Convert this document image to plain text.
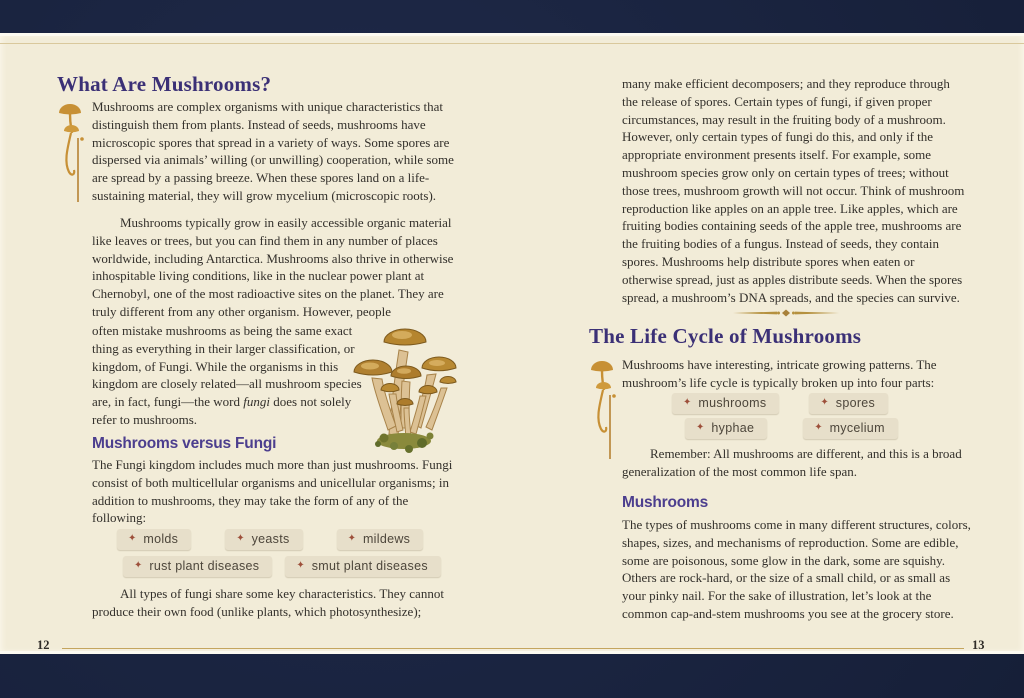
What Are Mushrooms?
Mushrooms are complex organisms with unique characteristics that distinguish them from plants. Instead of seeds, mushrooms have microscopic spores that spread in a variety of ways. Some spores are dispersed via animals’ willing (or unwilling) cooperation, while some are spread by a passing breeze. When these spores land on a life-sustaining material, they will grow mycelium (microscopic roots).
Mushrooms typically grow in easily accessible organic material like leaves or trees, but you can find them in any number of places worldwide, including Antarctica. Mushrooms also thrive in otherwise inhospitable living conditions, like in the nuclear power plant at Chernobyl, one of the most radioactive sites on the planet. They are truly different from any other organism. However, people
often mistake mushrooms as being the same exact thing as everything in their larger classification, or kingdom, of Fungi. While the organisms in this kingdom are closely related—all mushroom species are, in fact, fungi—the word fungi does not solely refer to mushrooms.
Mushrooms versus Fungi
The Fungi kingdom includes much more than just mushrooms. Fungi consist of both multicellular organisms and unicellular organisms; in addition to mushrooms, they may take the form of any of the following:
✦ molds	✦ yeasts	✦ mildews
✦ rust plant diseases	✦ smut plant diseases
All types of fungi share some key characteristics. They cannot produce their own food (unlike plants, which photosynthesize);
12
many make efficient decomposers; and they reproduce through the release of spores. Certain types of fungi, if given proper circumstances, may result in the fruiting body of a mushroom. However, only certain types of fungi do this, and only if the appropriate environment presents itself. For example, some mushroom species grow only on certain types of trees; without those trees, mushroom growth will not occur. Think of mushroom reproduction like apples on an apple tree. Like apples, which are fruiting bodies containing seeds of the apple tree, mushrooms are the fruiting bodies of a fungus. Instead of seeds, they contain spores. Mushrooms help distribute spores when eaten or otherwise spread, just as apples distribute seeds. When the spores spread, a mushroom’s DNA spreads, and the species can survive.
The Life Cycle of Mushrooms
Mushrooms have interesting, intricate growing patterns. The mushroom’s life cycle is typically broken up into four parts:
✦ mushrooms	✦ spores
✦ hyphae	✦ mycelium
Remember: All mushrooms are different, and this is a broad generalization of the most common life span.
Mushrooms
The types of mushrooms come in many different structures, colors, shapes, sizes, and mechanisms of reproduction. Some are edible, some are poisonous, some glow in the dark, some are squishy. Others are rock-hard, or the size of a small child, or as small as your pinky nail. For the sake of illustration, let’s look at the common cap-and-stem mushrooms you see at the grocery store.
13
